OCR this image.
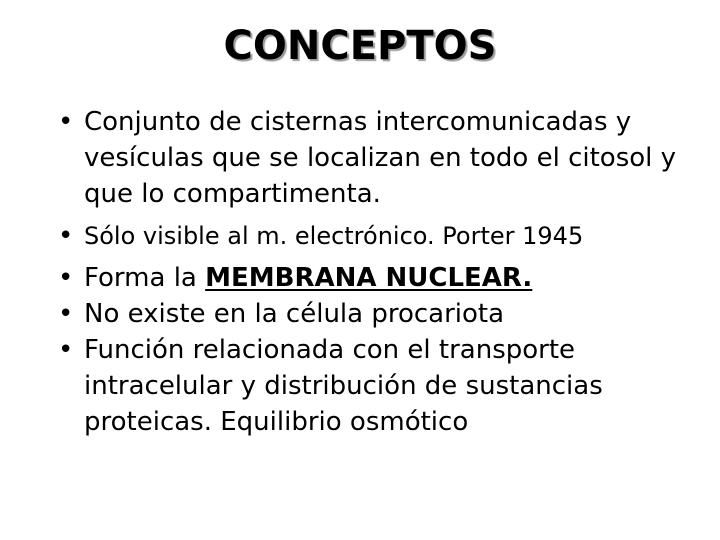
CONCEPTOS
• Conjunto de cisternas intercomunicadas y vesículas que se localizan en todo el citosol y que lo compartimenta.
• Sólo visible al m. electrónico. Porter 1945
• Forma la MEMBRANA NUCLEAR.
• No existe en la célula procariota
• Función relacionada con el transporte intracelular y distribución de sustancias proteicas. Equilibrio osmótico
